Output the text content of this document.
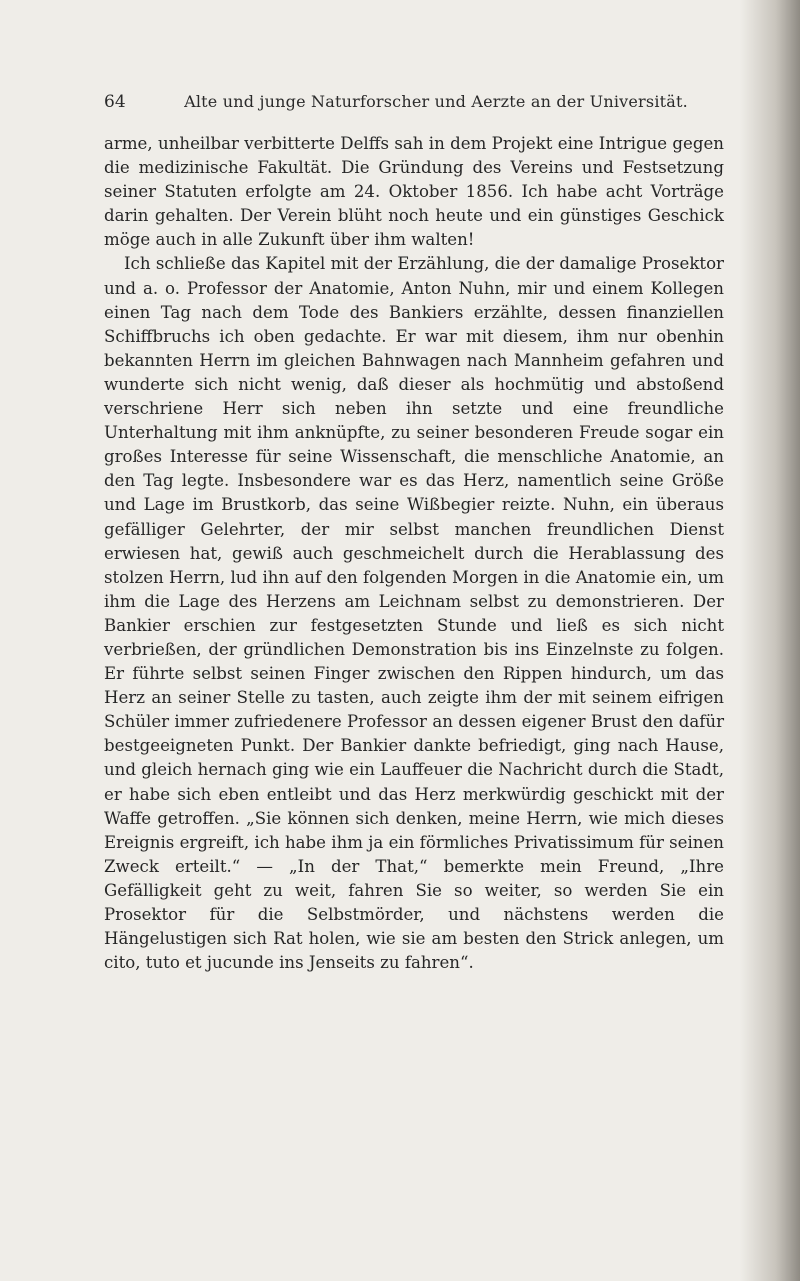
64	Alte und junge Naturforscher und Aerzte an der Universität.

arme, unheilbar verbitterte Delffs sah in dem Projekt eine Intrigue gegen die medizinische Fakultät. Die Gründung des Vereins und Festsetzung seiner Statuten erfolgte am 24. Oktober 1856. Ich habe acht Vorträge darin gehalten. Der Verein blüht noch heute und ein günstiges Geschick möge auch in alle Zukunft über ihm walten!

Ich schließe das Kapitel mit der Erzählung, die der damalige Prosektor und a. o. Professor der Anatomie, Anton Nuhn, mir und einem Kollegen einen Tag nach dem Tode des Bankiers erzählte, dessen finanziellen Schiffbruchs ich oben gedachte. Er war mit diesem, ihm nur obenhin bekannten Herrn im gleichen Bahnwagen nach Mannheim gefahren und wunderte sich nicht wenig, daß dieser als hochmütig und abstoßend verschriene Herr sich neben ihn setzte und eine freundliche Unterhaltung mit ihm anknüpfte, zu seiner besonderen Freude sogar ein großes Interesse für seine Wissenschaft, die menschliche Anatomie, an den Tag legte. Insbesondere war es das Herz, namentlich seine Größe und Lage im Brustkorb, das seine Wißbegier reizte. Nuhn, ein überaus gefälliger Gelehrter, der mir selbst manchen freundlichen Dienst erwiesen hat, gewiß auch geschmeichelt durch die Herablassung des stolzen Herrn, lud ihn auf den folgenden Morgen in die Anatomie ein, um ihm die Lage des Herzens am Leichnam selbst zu demonstrieren. Der Bankier erschien zur festgesetzten Stunde und ließ es sich nicht verbrießen, der gründlichen Demonstration bis ins Einzelnste zu folgen. Er führte selbst seinen Finger zwischen den Rippen hindurch, um das Herz an seiner Stelle zu tasten, auch zeigte ihm der mit seinem eifrigen Schüler immer zufriedenere Professor an dessen eigener Brust den dafür bestgeeigneten Punkt. Der Bankier dankte befriedigt, ging nach Hause, und gleich hernach ging wie ein Lauffeuer die Nachricht durch die Stadt, er habe sich eben entleibt und das Herz merkwürdig geschickt mit der Waffe getroffen. „Sie können sich denken, meine Herrn, wie mich dieses Ereignis ergreift, ich habe ihm ja ein förmliches Privatissimum für seinen Zweck erteilt.“ — „In der That,“ bemerkte mein Freund, „Ihre Gefälligkeit geht zu weit, fahren Sie so weiter, so werden Sie ein Prosektor für die Selbstmörder, und nächstens werden die Hängelustigen sich Rat holen, wie sie am besten den Strick anlegen, um cito, tuto et jucunde ins Jenseits zu fahren“.
